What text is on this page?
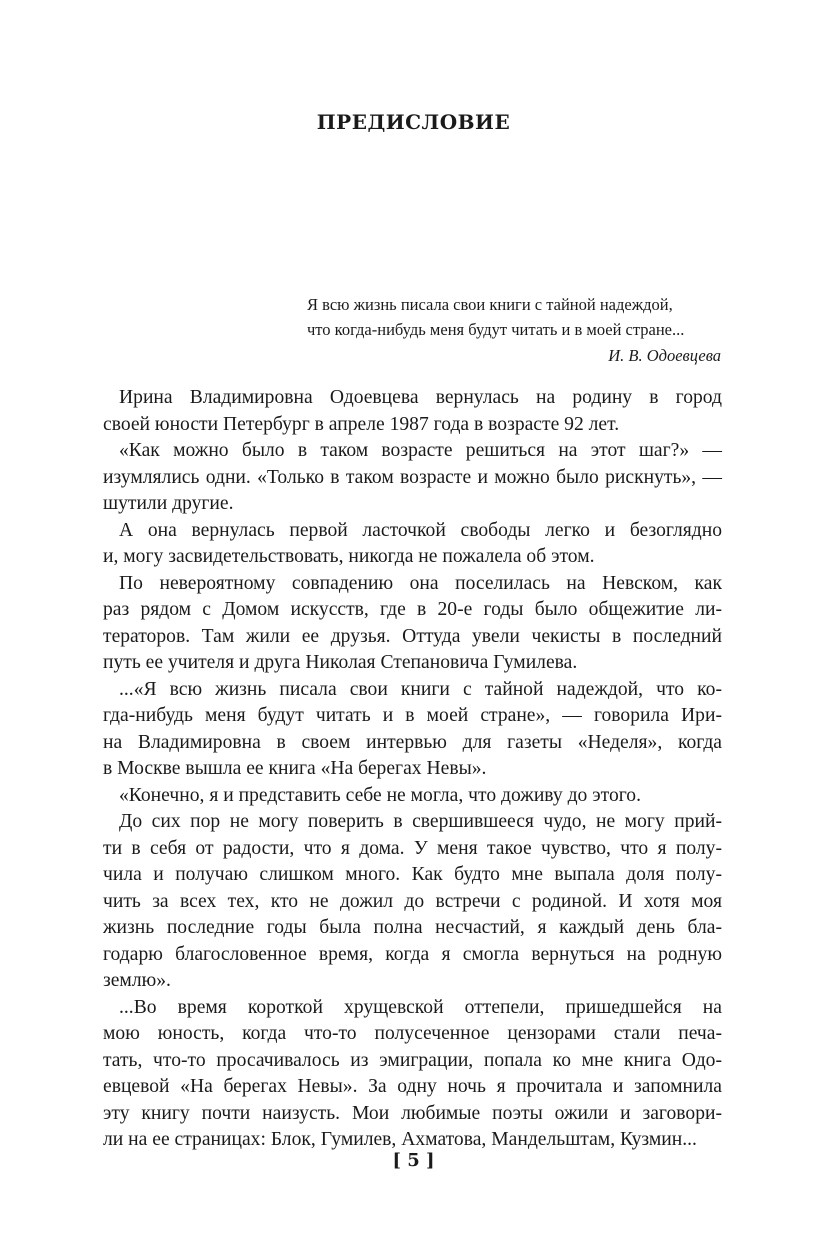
ПРЕДИСЛОВИЕ
Я всю жизнь писала свои книги с тайной надеждой,
что когда-нибудь меня будут читать и в моей стране...
И. В. Одоевцева
Ирина Владимировна Одоевцева вернулась на родину в город
своей юности Петербург в апреле 1987 года в возрасте 92 лет.
«Как можно было в таком возрасте решиться на этот шаг?» —
изумлялись одни. «Только в таком возрасте и можно было рискнуть», — шутили другие.
А она вернулась первой ласточкой свободы легко и безоглядно
и, могу засвидетельствовать, никогда не пожалела об этом.
По невероятному совпадению она поселилась на Невском, как
раз рядом с Домом искусств, где в 20-е годы было общежитие ли-
тераторов. Там жили ее друзья. Оттуда увели чекисты в последний
путь ее учителя и друга Николая Степановича Гумилева.
...«Я всю жизнь писала свои книги с тайной надеждой, что ко-
гда-нибудь меня будут читать и в моей стране», — говорила Ири-
на Владимировна в своем интервью для газеты «Неделя», когда
в Москве вышла ее книга «На берегах Невы».
«Конечно, я и представить себе не могла, что доживу до этого.
До сих пор не могу поверить в свершившееся чудо, не могу прий-
ти в себя от радости, что я дома. У меня такое чувство, что я полу-
чила и получаю слишком много. Как будто мне выпала доля полу-
чить за всех тех, кто не дожил до встречи с родиной. И хотя моя
жизнь последние годы была полна несчастий, я каждый день бла-
годарю благословенное время, когда я смогла вернуться на родную
землю».
...Во время короткой хрущевской оттепели, пришедшейся на
мою юность, когда что-то полусеченное цензорами стали печа-
тать, что-то просачивалось из эмиграции, попала ко мне книга Одо-
евцевой «На берегах Невы». За одну ночь я прочитала и запомнила
эту книгу почти наизусть. Мои любимые поэты ожили и заговори-
ли на ее страницах: Блок, Гумилев, Ахматова, Мандельштам, Кузмин...
[ 5 ]
